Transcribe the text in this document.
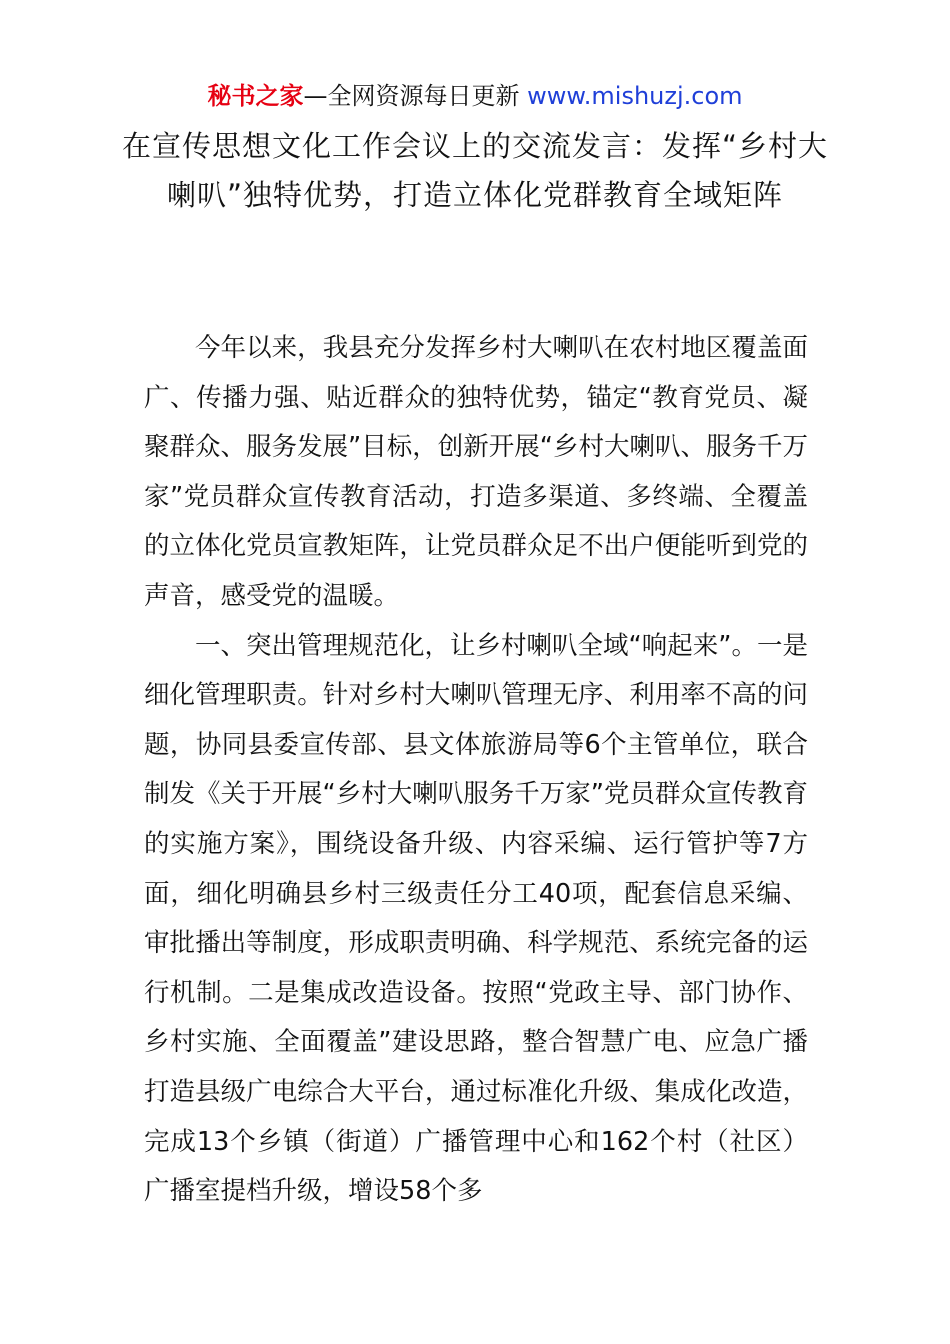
秘书之家—全网资源每日更新 www.mishuzj.com
在宣传思想文化工作会议上的交流发言：发挥“乡村大喇叭”独特优势，打造立体化党群教育全域矩阵

今年以来，我县充分发挥乡村大喇叭在农村地区覆盖面广、传播力强、贴近群众的独特优势，锚定“教育党员、凝聚群众、服务发展”目标，创新开展“乡村大喇叭、服务千万家”党员群众宣传教育活动，打造多渠道、多终端、全覆盖的立体化党员宣教矩阵，让党员群众足不出户便能听到党的声音，感受党的温暖。

一、突出管理规范化，让乡村喇叭全域“响起来”。一是细化管理职责。针对乡村大喇叭管理无序、利用率不高的问题，协同县委宣传部、县文体旅游局等6个主管单位，联合制发《关于开展“乡村大喇叭服务千万家”党员群众宣传教育的实施方案》，围绕设备升级、内容采编、运行管护等7方面，细化明确县乡村三级责任分工40项，配套信息采编、审批播出等制度，形成职责明确、科学规范、系统完备的运行机制。二是集成改造设备。按照“党政主导、部门协作、乡村实施、全面覆盖”建设思路，整合智慧广电、应急广播打造县级广电综合大平台，通过标准化升级、集成化改造，完成13个乡镇（街道）广播管理中心和162个村（社区）广播室提档升级，增设58个多
